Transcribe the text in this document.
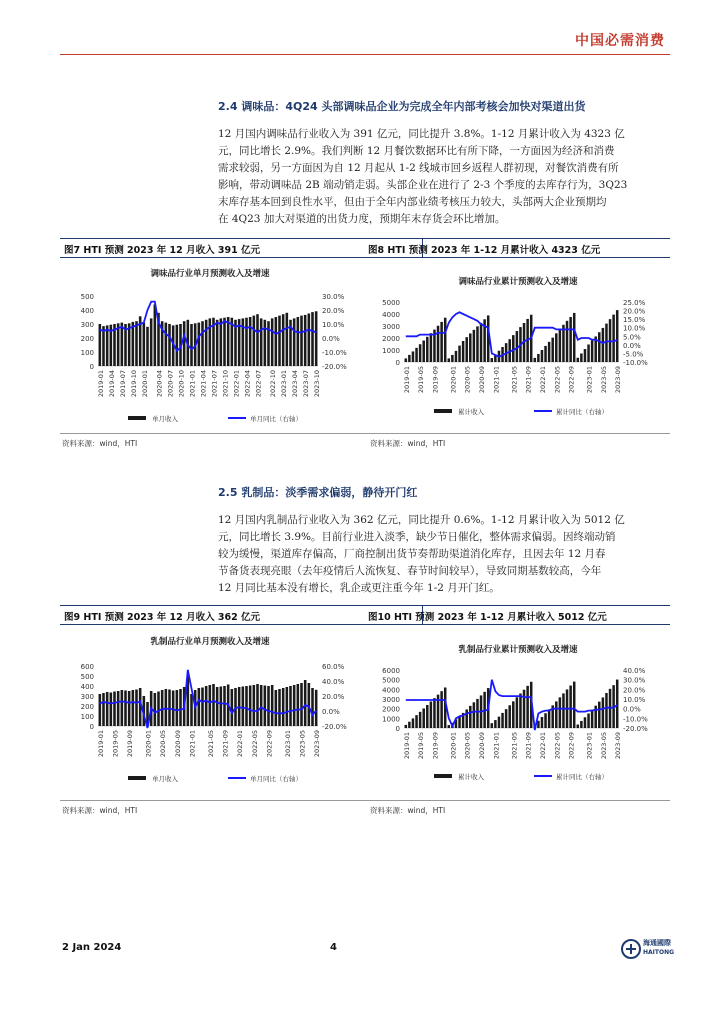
中国必需消费
2.4 调味品：4Q24 头部调味品企业为完成全年内部考核会加快对渠道出货
12 月国内调味品行业收入为 391 亿元，同比提升 3.8%。1-12 月累计收入为 4323 亿
元，同比增长 2.9%。我们判断 12 月餐饮数据环比有所下降，一方面因为经济和消费
需求较弱，另一方面因为自 12 月起从 1-2 线城市回乡返程人群初现，对餐饮消费有所
影响，带动调味品 2B 端动销走弱。头部企业在进行了 2-3 个季度的去库存行为，3Q23
末库存基本回到良性水平，但由于全年内部业绩考核压力较大，头部两大企业预期均
在 4Q23 加大对渠道的出货力度，预期年末存货会环比增加。
图7 HTI 预测 2023 年 12 月收入 391 亿元	图8 HTI 预测 2023 年 1-12 月累计收入 4323 亿元
调味品行业单月预测收入及增速
0
100
200
300
400
500	30.0%
20.0%
10.0%
0.0%
-10.0%
-20.0%
2019-01 2019-04 2019-07 2019-10 2020-01 2020-04 2020-07 2020-10 2021-01 2021-04 2021-07 2021-10 2022-01 2022-04 2022-07 2022-10 2023-01 2023-04 2023-07 2023-10
单月收入	单月同比（右轴）
调味品行业累计预测收入及增速
0
1000
2000
3000
4000
5000	25.0%
20.0%
15.0%
10.0%
5.0%
0.0%
-5.0%
-10.0%
2019-01 2019-05 2019-09 2020-01 2020-05 2020-09 2021-01 2021-05 2021-09 2022-01 2022-05 2022-09 2023-01 2023-05 2023-09
累计收入	累计同比（右轴）
资料来源：wind，HTI	资料来源：wind，HTI
2.5 乳制品：淡季需求偏弱，静待开门红
12 月国内乳制品行业收入为 362 亿元，同比提升 0.6%。1-12 月累计收入为 5012 亿
元，同比增长 3.9%。目前行业进入淡季，缺少节日催化，整体需求偏弱。因终端动销
较为缓慢，渠道库存偏高，厂商控制出货节奏帮助渠道消化库存，且因去年 12 月春
节备货表现亮眼（去年疫情后人流恢复、春节时间较早），导致同期基数较高，今年
12 月同比基本没有增长，乳企或更注重今年 1-2 月开门红。
图9 HTI 预测 2023 年 12 月收入 362 亿元	图10 HTI 预测 2023 年 1-12 月累计收入 5012 亿元
乳制品行业单月预测收入及增速
0
100
200
300
400
500
600	60.0%
40.0%
20.0%
0.0%
-20.0%
2019-01 2019-05 2019-09 2020-01 2020-05 2020-09 2021-01 2021-05 2021-09 2022-01 2022-05 2022-09 2023-01 2023-05 2023-09
单月收入	单月同比（右轴）
乳制品行业累计预测收入及增速
0
1000
2000
3000
4000
5000
6000	40.0%
30.0%
20.0%
10.0%
0.0%
-10.0%
-20.0%
2019-01 2019-05 2019-09 2020-01 2020-05 2020-09 2021-01 2021-05 2021-09 2022-01 2022-05 2022-09 2023-01 2023-05 2023-09
累计收入	累计同比（右轴）
资料来源：wind，HTI	资料来源：wind，HTI
2 Jan 2024	4	海通國際
HAITONG
